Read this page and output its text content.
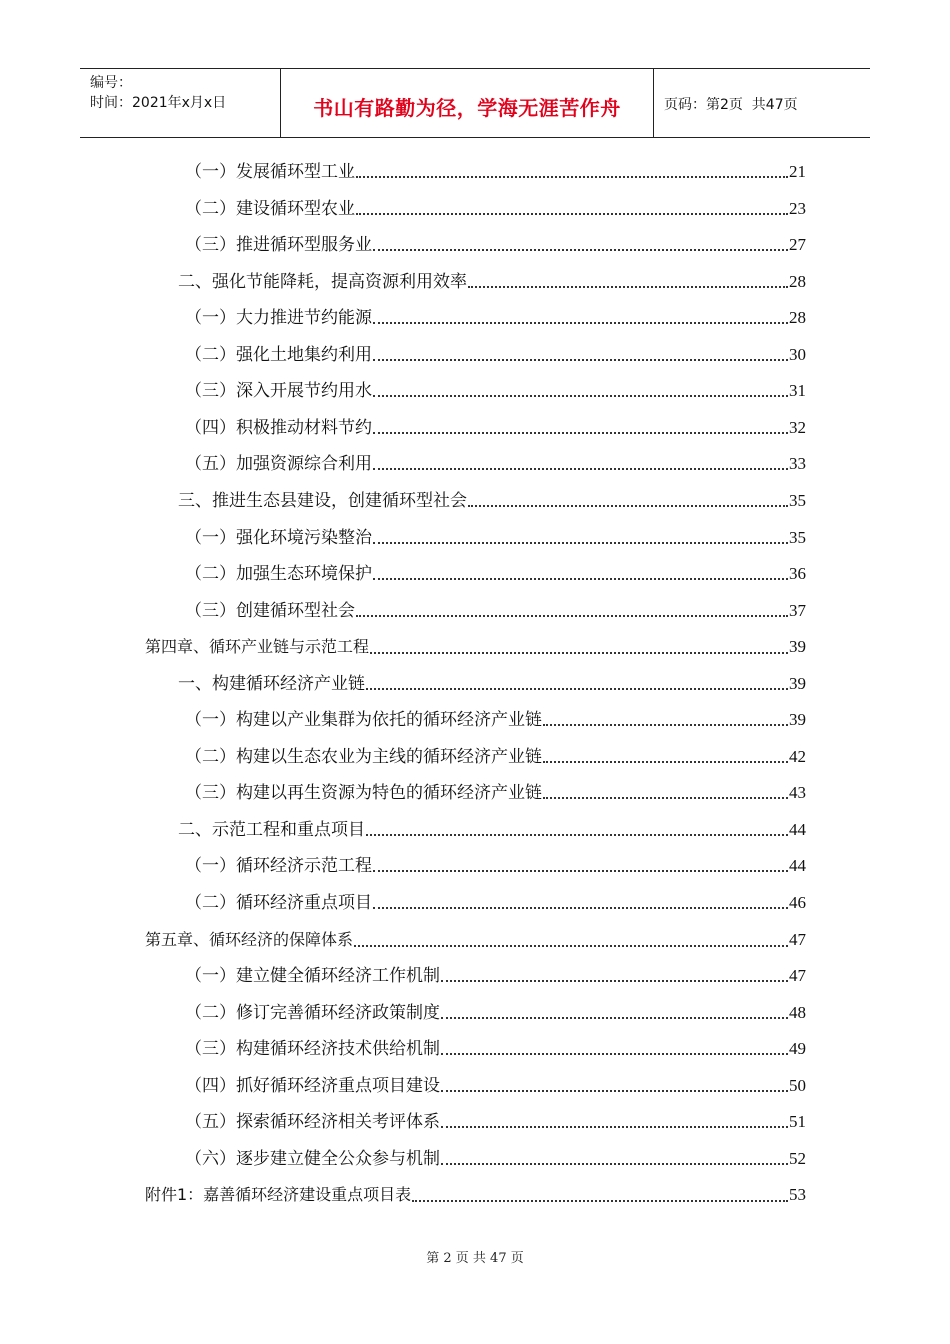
编号：
时间：2021年x月x日	书山有路勤为径，学海无涯苦作舟	页码：第2页  共47页
（一）发展循环型工业	21
（二）建设循环型农业	23
（三）推进循环型服务业	27
二、强化节能降耗，提高资源利用效率	28
（一）大力推进节约能源	28
（二）强化土地集约利用	30
（三）深入开展节约用水	31
（四）积极推动材料节约	32
（五）加强资源综合利用	33
三、推进生态县建设，创建循环型社会	35
（一）强化环境污染整治	35
（二）加强生态环境保护	36
（三）创建循环型社会	37
第四章、循环产业链与示范工程	39
一、构建循环经济产业链	39
（一）构建以产业集群为依托的循环经济产业链	39
（二）构建以生态农业为主线的循环经济产业链	42
（三）构建以再生资源为特色的循环经济产业链	43
二、示范工程和重点项目	44
（一）循环经济示范工程	44
（二）循环经济重点项目	46
第五章、循环经济的保障体系	47
（一）建立健全循环经济工作机制	47
（二）修订完善循环经济政策制度	48
（三）构建循环经济技术供给机制	49
（四）抓好循环经济重点项目建设	50
（五）探索循环经济相关考评体系	51
（六）逐步建立健全公众参与机制	52
附件1：嘉善循环经济建设重点项目表	53
第 2 页 共 47 页
